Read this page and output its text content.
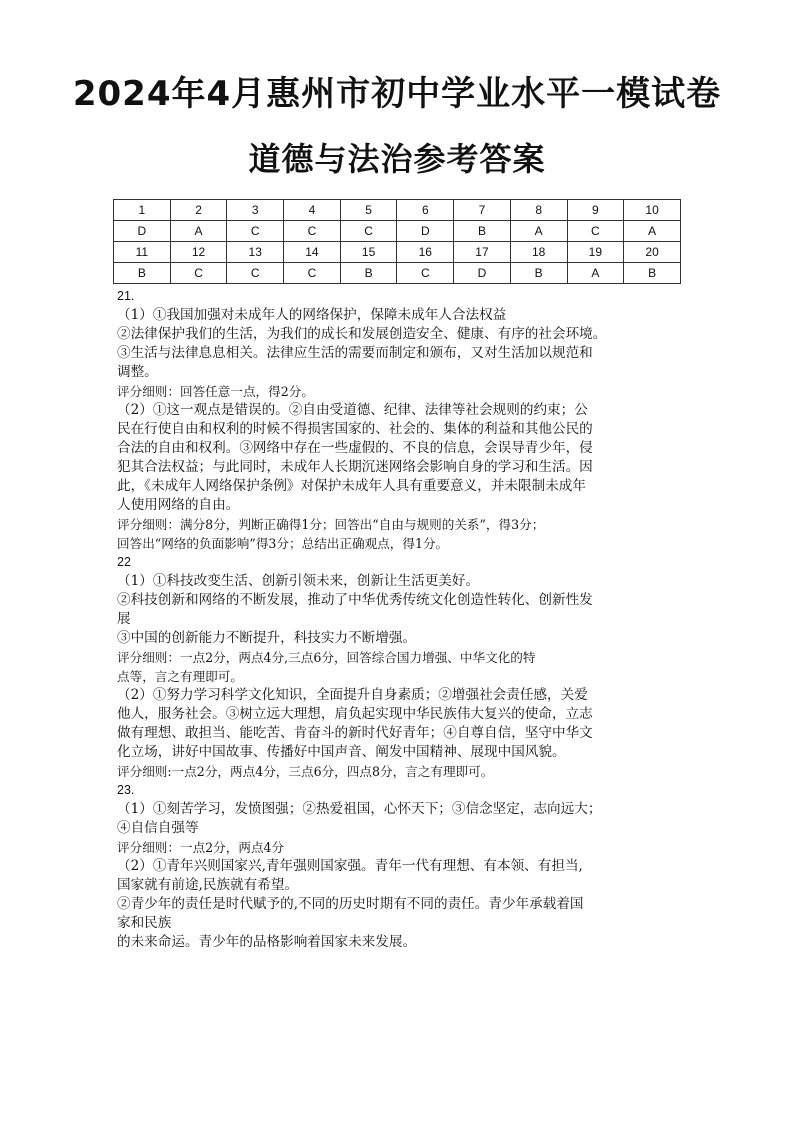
2024年4月惠州市初中学业水平一模试卷
道德与法治参考答案
1	2	3	4	5	6	7	8	9	10
D	A	C	C	C	D	B	A	C	A
11	12	13	14	15	16	17	18	19	20
B	C	C	C	B	C	D	B	A	B

21.

（1）①我国加强对未成年人的网络保护，保障未成年人合法权益

②法律保护我们的生活，为我们的成长和发展创造安全、健康、有序的社会环境。

③生活与法律息息相关。法律应生活的需要而制定和颁布，又对生活加以规范和

调整。

评分细则：回答任意一点，得2分。

（2）①这一观点是错误的。②自由受道德、纪律、法律等社会规则的约束；公

民在行使自由和权利的时候不得损害国家的、社会的、集体的利益和其他公民的

合法的自由和权利。③网络中存在一些虚假的、不良的信息，会误导青少年，侵

犯其合法权益；与此同时，未成年人长期沉迷网络会影响自身的学习和生活。因

此，《未成年人网络保护条例》对保护未成年人具有重要意义，并未限制未成年

人使用网络的自由。

评分细则：满分8分，判断正确得1分；回答出“自由与规则的关系”，得3分；

回答出“网络的负面影响”得3分；总结出正确观点，得1分。

22

（1）①科技改变生活、创新引领未来，创新让生活更美好。

②科技创新和网络的不断发展，推动了中华优秀传统文化创造性转化、创新性发

展

③中国的创新能力不断提升，科技实力不断增强。

评分细则：一点2分，两点4分,三点6分，回答综合国力增强、中华文化的特

点等，言之有理即可。

（2）①努力学习科学文化知识，全面提升自身素质；②增强社会责任感，关爱

他人，服务社会。③树立远大理想，肩负起实现中华民族伟大复兴的使命，立志

做有理想、敢担当、能吃苦、肯奋斗的新时代好青年；④自尊自信，坚守中华文

化立场，讲好中国故事、传播好中国声音、阐发中国精神、展现中国风貌。

评分细则:一点2分，两点4分，三点6分，四点8分，言之有理即可。

23.

（1）①刻苦学习，发愤图强；②热爱祖国，心怀天下；③信念坚定，志向远大；

④自信自强等

评分细则：一点2分，两点4分

（2）①青年兴则国家兴,青年强则国家强。青年一代有理想、有本领、有担当,

国家就有前途,民族就有希望。

②青少年的责任是时代赋予的,不同的历史时期有不同的责任。青少年承载着国

家和民族

的未来命运。青少年的品格影响着国家未来发展。
